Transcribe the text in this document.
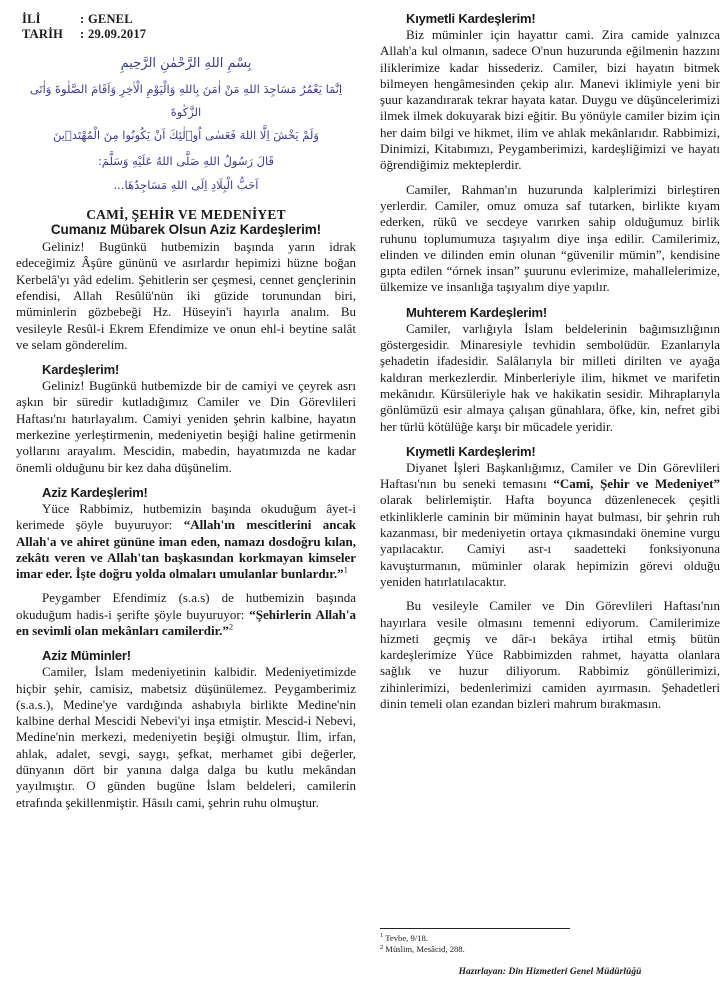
İLİ	: GENEL
TARİH	: 29.09.2017
بِسْمِ اللهِ الرَّحْمٰنِ الرَّحِيمِ
اِنَّمَا يَعْمُرُ مَسَاجِدَ اللهِ مَنْ اٰمَنَ بِاللهِ وَالْيَوْمِ الْاٰخِرِ وَاَقَامَ الصَّلٰوةَ وَاٰتَى الزَّكٰوةَ
وَلَمْ يَخْشَ اِلَّا اللهَ فَعَسٰى اُو۬لٰئِكَ اَنْ يَكُونُوا مِنَ الْمُهْتَدٖينَ
قَالَ رَسُولُ اللهِ صَلَّى اللهُ عَلَيْهِ وَسَلَّمَ:
اَحَبُّ الْبِلَادِ اِلَى اللهِ مَسَاجِدُهَا...
CAMİ, ŞEHİR VE MEDENİYET
Cumanız Mübarek Olsun Aziz Kardeşlerim!

Geliniz! Bugünkü hutbemizin başında yarın idrak edeceğimiz Âşûre gününü ve asırlardır hepimizi hüzne boğan Kerbelâ'yı yâd edelim. Şehitlerin ser çeşmesi, cennet gençlerinin efendisi, Allah Resûlü'nün iki güzide torunundan biri, müminlerin gözbebeği Hz. Hüseyin'i hayırla analım. Bu vesileyle Resûl-i Ekrem Efendimize ve onun ehl-i beytine salât ve selam gönderelim.

Kardeşlerim!

Geliniz! Bugünkü hutbemizde bir de camiyi ve çeyrek asrı aşkın bir süredir kutladığımız Camiler ve Din Görevlileri Haftası'nı hatırlayalım. Camiyi yeniden şehrin kalbine, hayatın merkezine yerleştirmenin, medeniyetin beşiği haline getirmenin yollarını arayalım. Mescidin, mabedin, hayatımızda ne kadar önemli olduğunu bir kez daha düşünelim.

Aziz Kardeşlerim!

Yüce Rabbimiz, hutbemizin başında okuduğum âyet-i kerimede şöyle buyuruyor: “Allah'ın mescitlerini ancak Allah'a ve ahiret gününe iman eden, namazı dosdoğru kılan, zekâtı veren ve Allah'tan başkasından korkmayan kimseler imar eder. İşte doğru yolda olmaları umulanlar bunlardır.”$^1$

Peygamber Efendimiz (s.a.s) de hutbemizin başında okuduğum hadis-i şerifte şöyle buyuruyor: “Şehirlerin Allah'a en sevimli olan mekânları camilerdir.”$^2$

Aziz Müminler!

Camiler, İslam medeniyetinin kalbidir. Medeniyetimizde hiçbir şehir, camisiz, mabetsiz düşünülemez. Peygamberimiz (s.a.s.), Medine'ye vardığında ashabıyla birlikte Medine'nin kalbine derhal Mescidi Nebevi'yi inşa etmiştir. Mescid-i Nebevi, Medine'nin merkezi, medeniyetin beşiği olmuştur. İlim, irfan, ahlak, adalet, sevgi, saygı, şefkat, merhamet gibi değerler, dünyanın dört bir yanına dalga dalga bu kutlu mekândan yayılmıştır. O günden bugüne İslam beldeleri, camilerin etrafında şekillenmiştir. Hâsılı cami, şehrin ruhu olmuştur.

Kıymetli Kardeşlerim!

Biz müminler için hayattır cami. Zira camide yalnızca Allah'a kul olmanın, sadece O'nun huzurunda eğilmenin hazzını iliklerimize kadar hissederiz. Camiler, bizi hayatın bitmek bilmeyen hengâmesinden çekip alır. Manevi iklimiyle yeni bir şuur kazandırarak tekrar hayata katar. Duygu ve düşüncelerimizi ilmek ilmek dokuyarak bizi eğitir. Bu yönüyle camiler bizim için her daim bilgi ve hikmet, ilim ve ahlak mekânlarıdır. Rabbimizi, Dinimizi, Kitabımızı, Peygamberimizi, kardeşliğimizi ve hayatı öğrendiğimiz mekteplerdir.

Camiler, Rahman'ın huzurunda kalplerimizi birleştiren yerlerdir. Camiler, omuz omuza saf tutarken, birlikte kıyam ederken, rükû ve secdeye varırken sahip olduğumuz birlik ruhunu toplumumuza taşıyalım diye inşa edilir. Camilerimiz, elinden ve dilinden emin olunan “güvenilir mümin”, kendisine gıpta edilen “órnek insan” şuurunu evlerimize, mahallelerimize, ülkemize ve insanlığa taşıyalım diye yapılır.

Muhterem Kardeşlerim!

Camiler, varlığıyla İslam beldelerinin bağımsızlığının göstergesidir. Minaresiyle tevhidin sembolüdür. Ezanlarıyla şehadetin ifadesidir. Salâlarıyla bir milleti dirilten ve ayağa kaldıran merkezlerdir. Minberleriyle ilim, hikmet ve marifetin mekânıdır. Kürsüleriyle hak ve hakikatin sesidir. Mihraplarıyla gönlümüzü esir almaya çalışan günahlara, öfke, kin, nefret gibi her türlü kötülüğe karşı bir mücadele yeridir.

Kıymetli Kardeşlerim!

Diyanet İşleri Başkanlığımız, Camiler ve Din Görevlileri Haftası'nın bu seneki temasını “Cami, Şehir ve Medeniyet” olarak belirlemiştir. Hafta boyunca düzenlenecek çeşitli etkinliklerle caminin bir müminin hayat bulması, bir şehrin ruh kazanması, bir medeniyetin ortaya çıkmasındaki önemine vurgu yapılacaktır. Camiyi asr-ı saadetteki fonksiyonuna kavuşturmanın, müminler olarak hepimizin görevi olduğu yeniden hatırlatılacaktır.

Bu vesileyle Camiler ve Din Görevlileri Haftası'nın hayırlara vesile olmasını temenni ediyorum. Camilerimize hizmeti geçmiş ve dâr-ı bekâya irtihal etmiş bütün kardeşlerimize Yüce Rabbimizden rahmet, hayatta olanlara sağlık ve huzur diliyorum. Rabbimiz gönüllerimizi, zihinlerimizi, bedenlerimizi camiden ayırmasın. Şehadetleri dinin temeli olan ezandan bizleri mahrum bırakmasın.

$^1$ Tevbe, 9/18.

$^2$ Müslim, Mesâcid, 288.

Hazırlayan: Din Hizmetleri Genel Müdürlüğü
